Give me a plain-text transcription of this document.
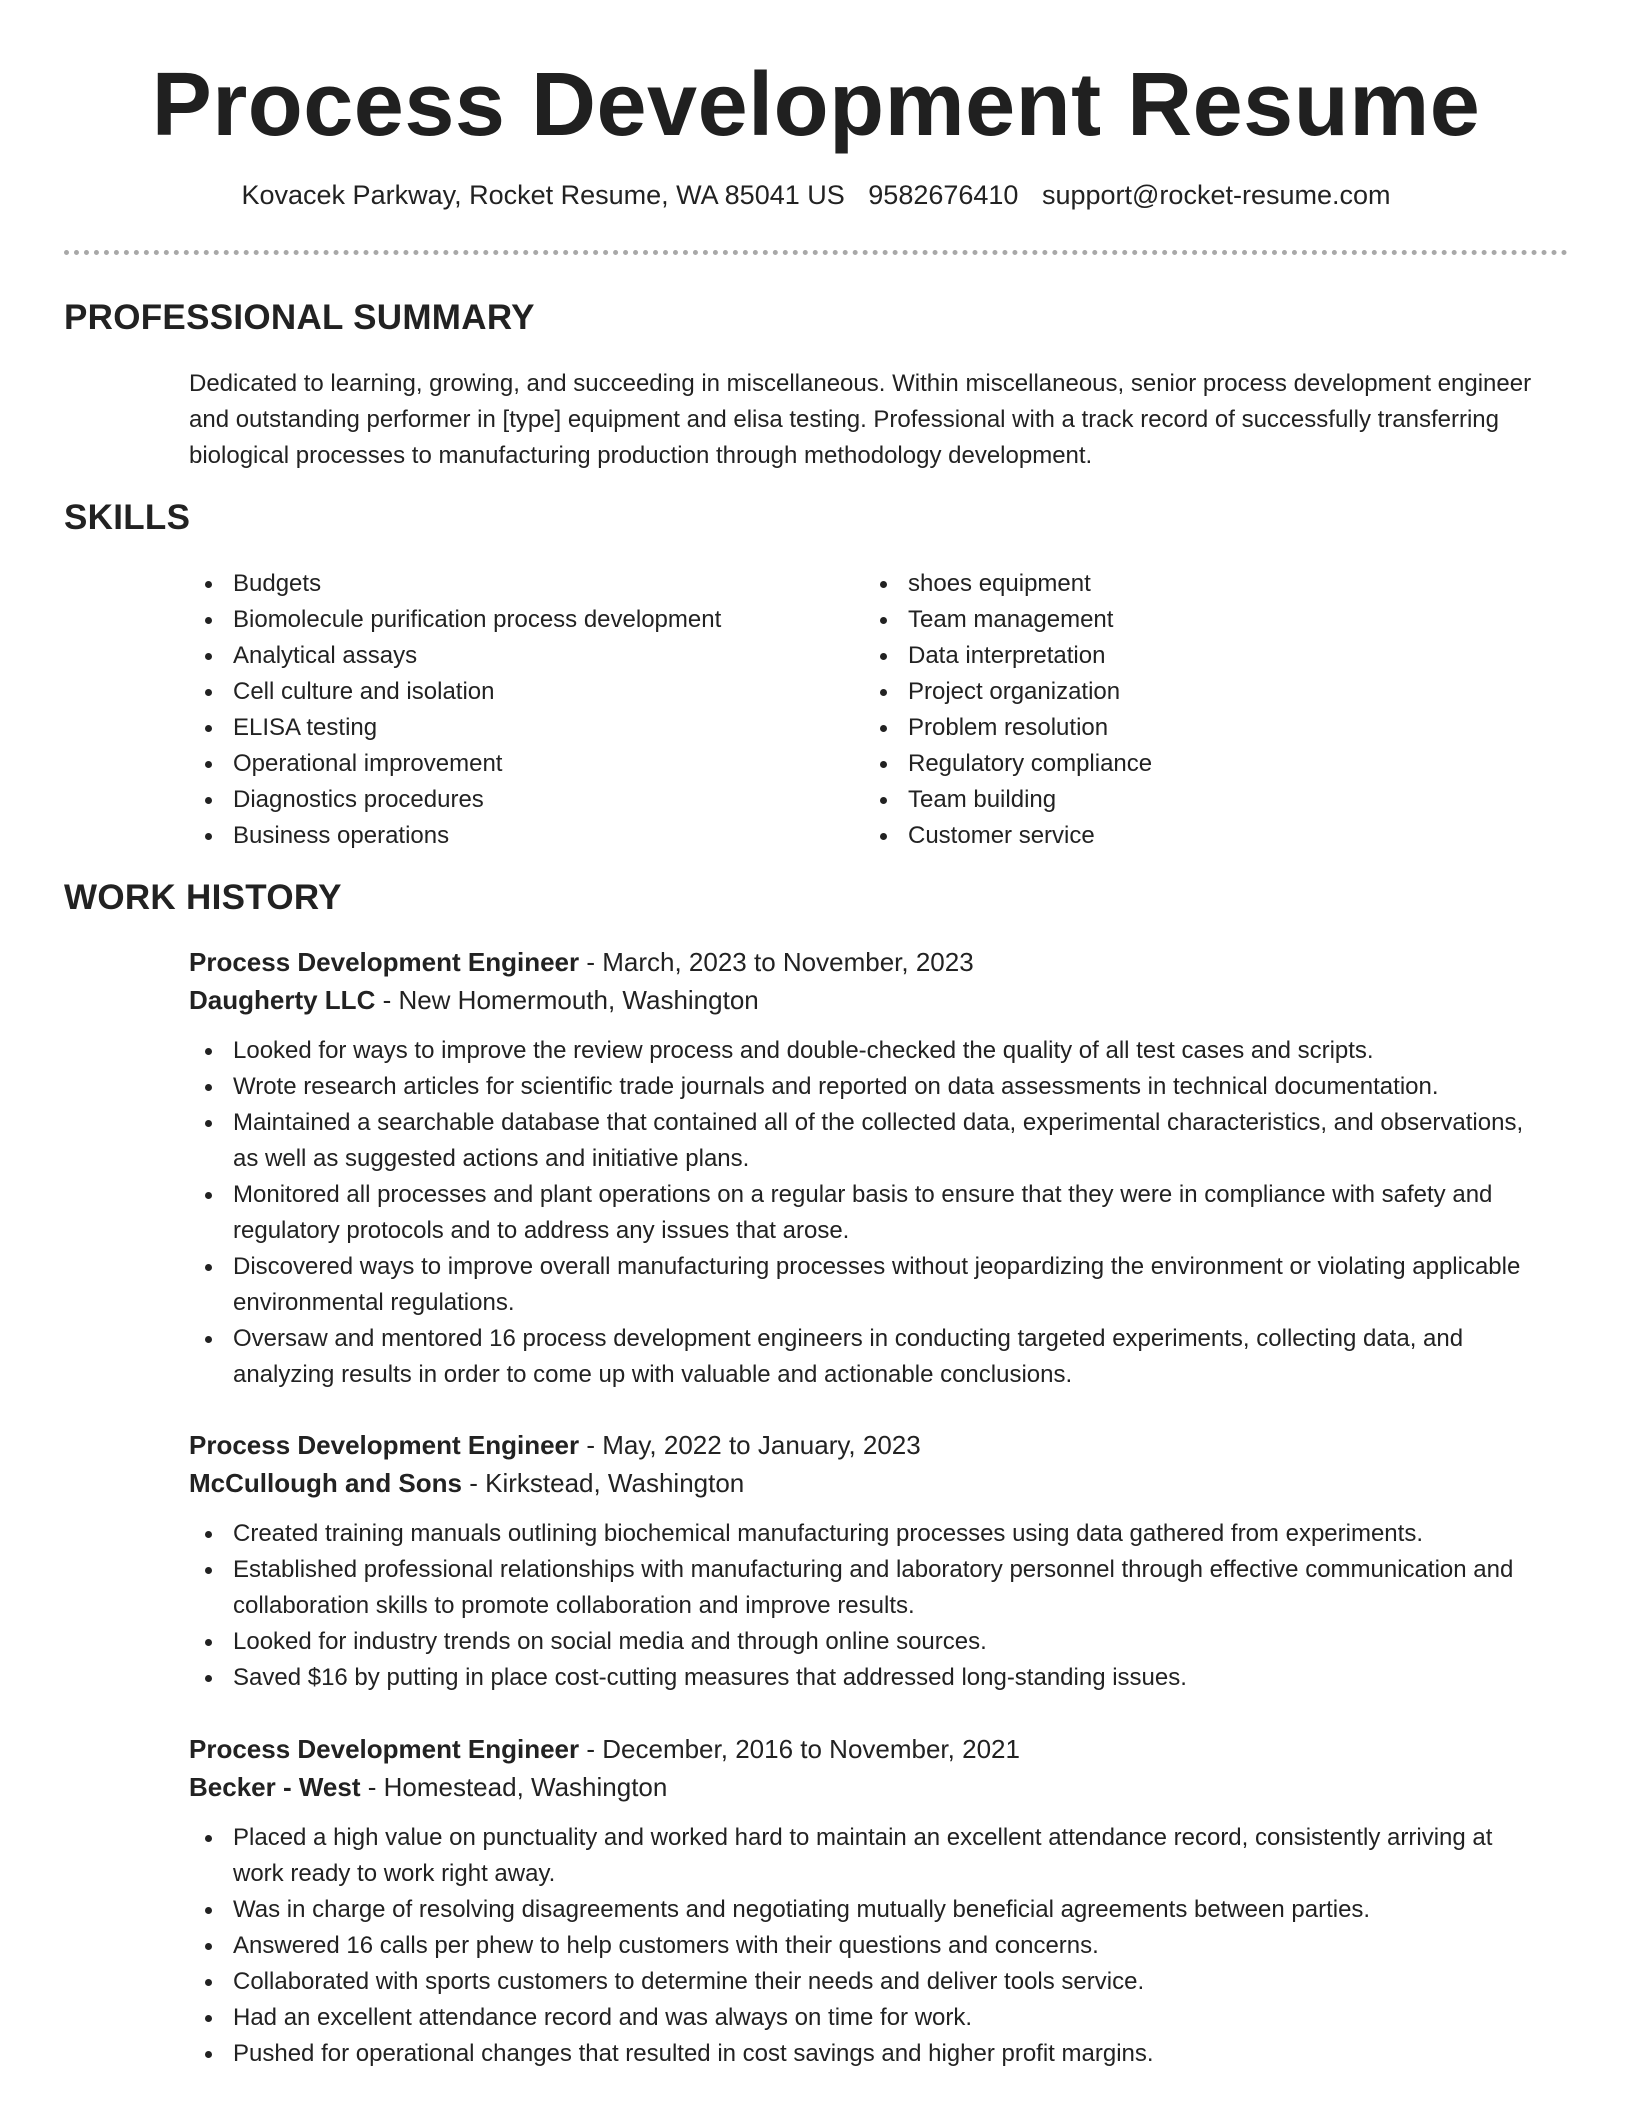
Process Development Resume
Kovacek Parkway, Rocket Resume, WA 85041 US 9582676410 support@rocket-resume.com
PROFESSIONAL SUMMARY
Dedicated to learning, growing, and succeeding in miscellaneous. Within miscellaneous, senior process development engineer and outstanding performer in [type] equipment and elisa testing. Professional with a track record of successfully transferring biological processes to manufacturing production through methodology development.
SKILLS
Budgets
Biomolecule purification process development
Analytical assays
Cell culture and isolation
ELISA testing
Operational improvement
Diagnostics procedures
Business operations
shoes equipment
Team management
Data interpretation
Project organization
Problem resolution
Regulatory compliance
Team building
Customer service
WORK HISTORY
Process Development Engineer - March, 2023 to November, 2023
Daugherty LLC - New Homermouth, Washington
Looked for ways to improve the review process and double-checked the quality of all test cases and scripts.
Wrote research articles for scientific trade journals and reported on data assessments in technical documentation.
Maintained a searchable database that contained all of the collected data, experimental characteristics, and observations, as well as suggested actions and initiative plans.
Monitored all processes and plant operations on a regular basis to ensure that they were in compliance with safety and regulatory protocols and to address any issues that arose.
Discovered ways to improve overall manufacturing processes without jeopardizing the environment or violating applicable environmental regulations.
Oversaw and mentored 16 process development engineers in conducting targeted experiments, collecting data, and analyzing results in order to come up with valuable and actionable conclusions.
Process Development Engineer - May, 2022 to January, 2023
McCullough and Sons - Kirkstead, Washington
Created training manuals outlining biochemical manufacturing processes using data gathered from experiments.
Established professional relationships with manufacturing and laboratory personnel through effective communication and collaboration skills to promote collaboration and improve results.
Looked for industry trends on social media and through online sources.
Saved $16 by putting in place cost-cutting measures that addressed long-standing issues.
Process Development Engineer - December, 2016 to November, 2021
Becker - West - Homestead, Washington
Placed a high value on punctuality and worked hard to maintain an excellent attendance record, consistently arriving at work ready to work right away.
Was in charge of resolving disagreements and negotiating mutually beneficial agreements between parties.
Answered 16 calls per phew to help customers with their questions and concerns.
Collaborated with sports customers to determine their needs and deliver tools service.
Had an excellent attendance record and was always on time for work.
Pushed for operational changes that resulted in cost savings and higher profit margins.
